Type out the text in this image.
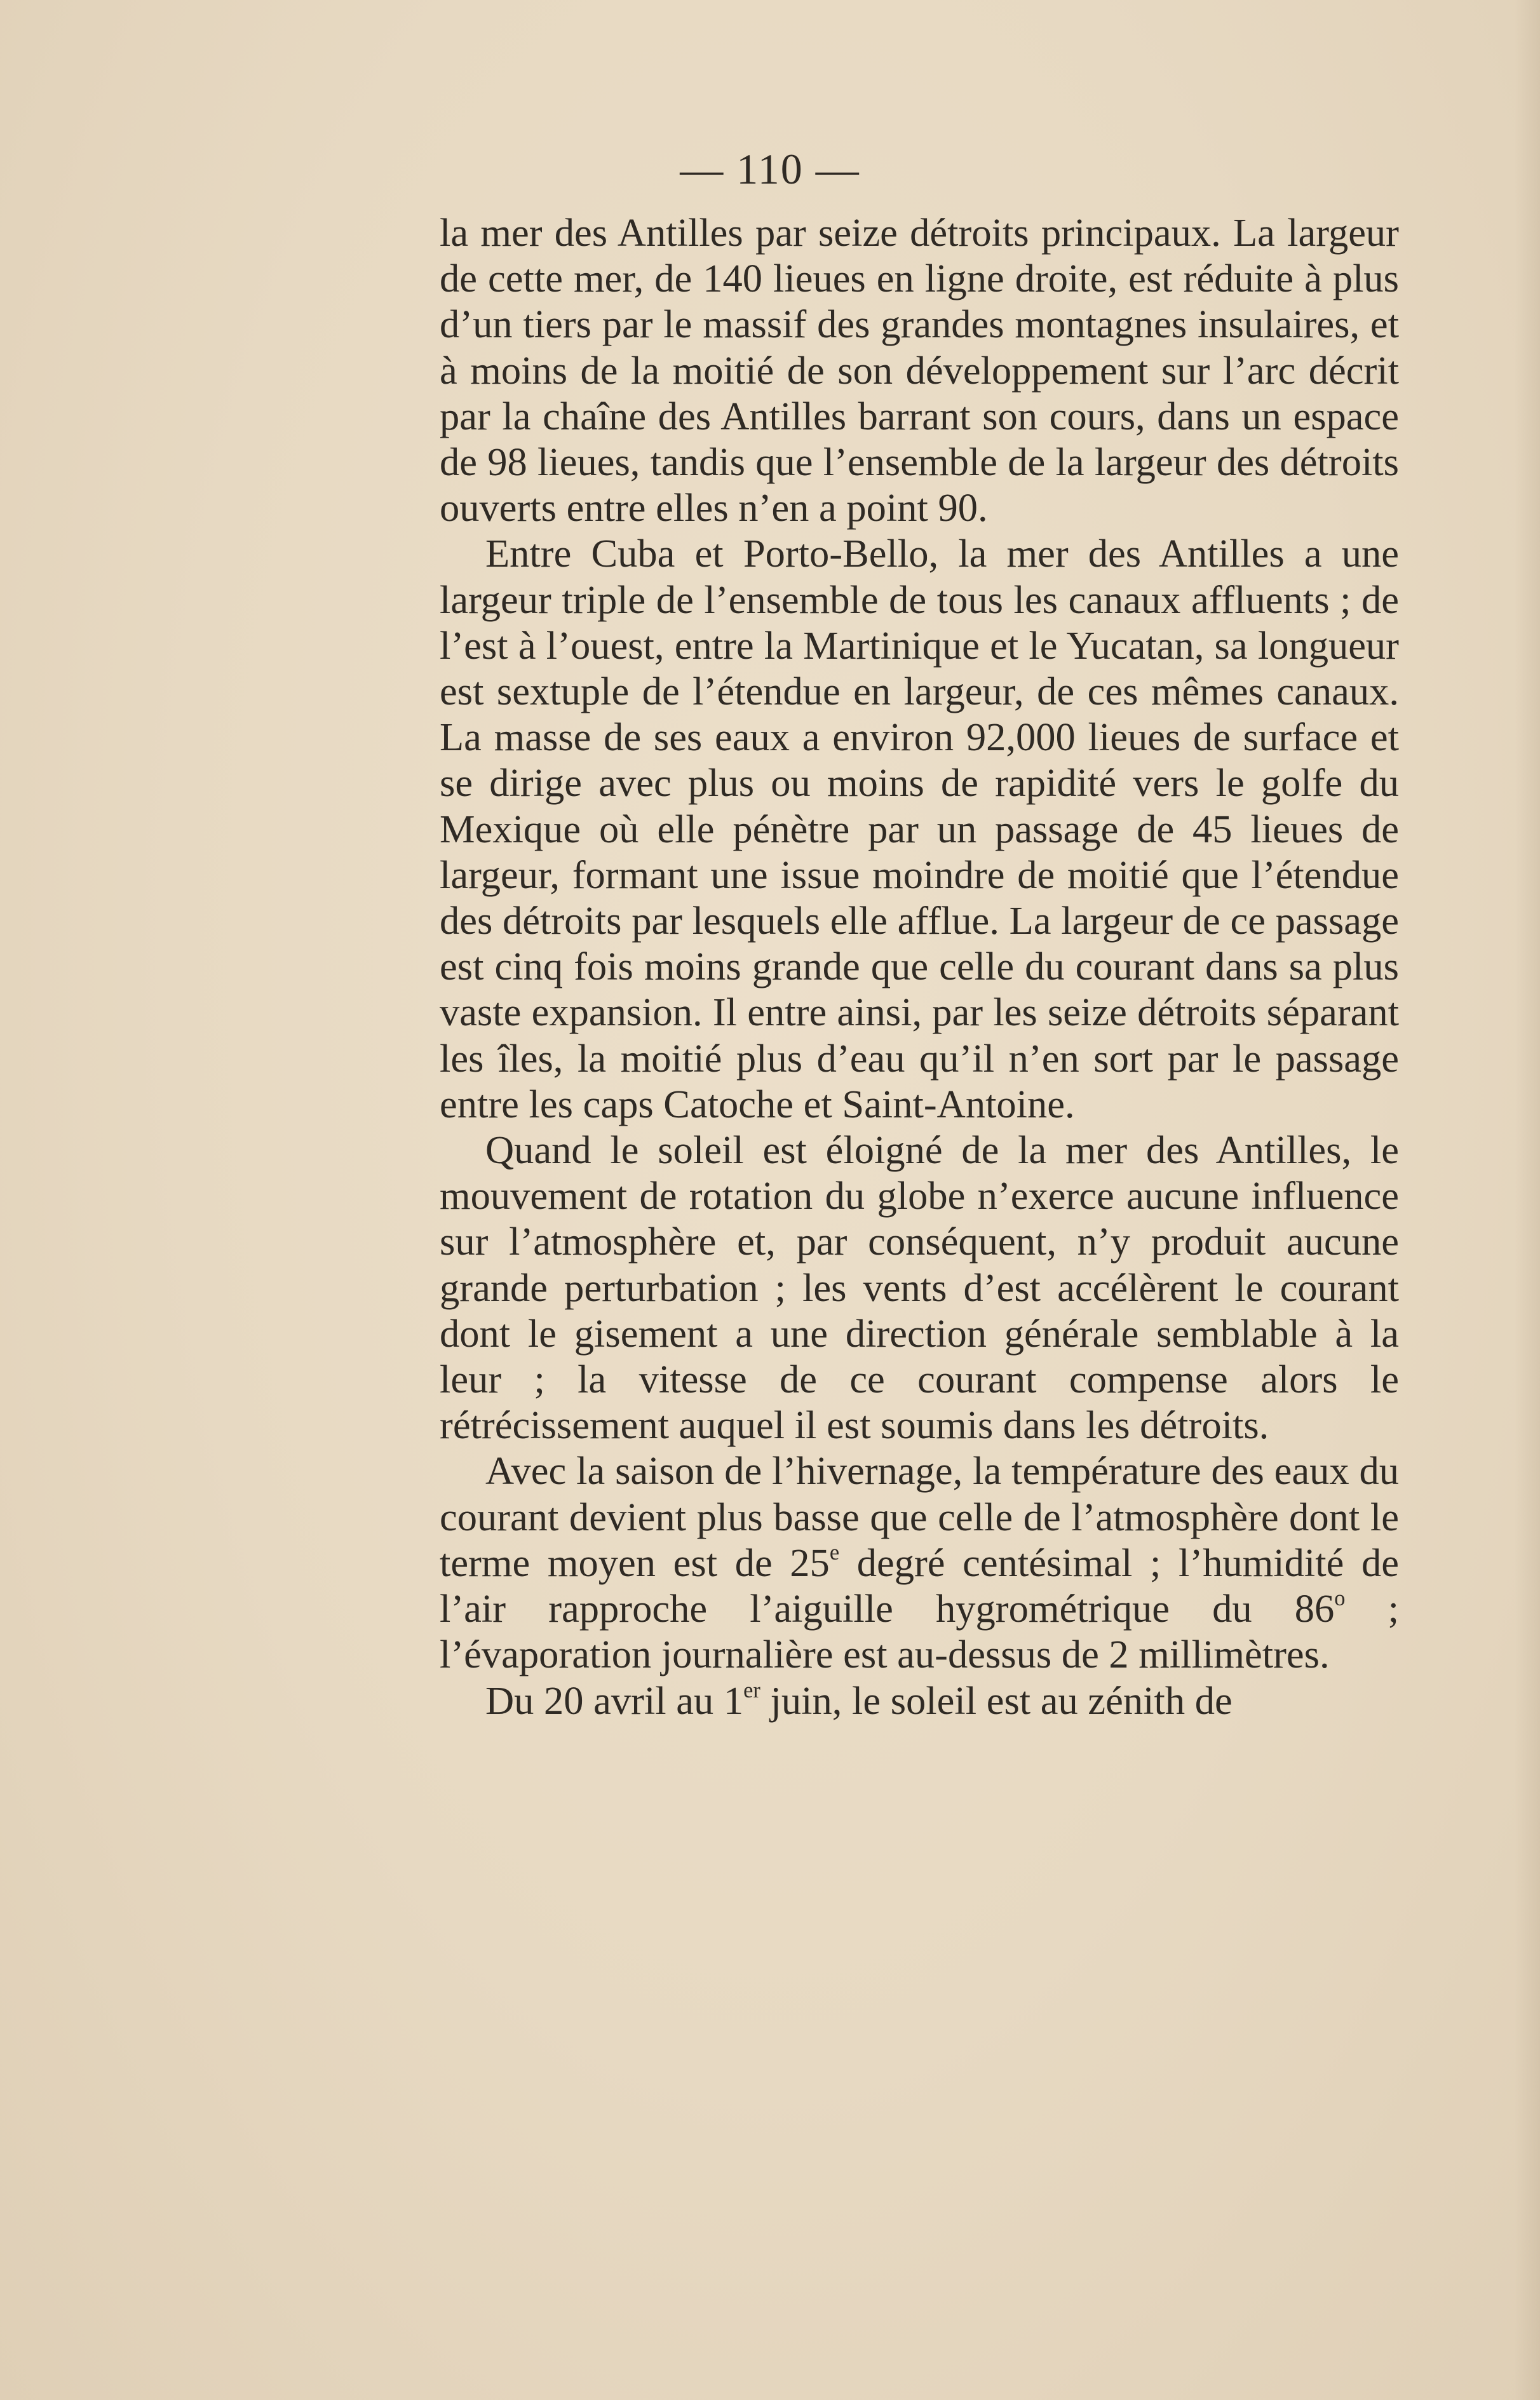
— 110 —

la mer des Antilles par seize détroits principaux. La largeur de cette mer, de 140 lieues en ligne droite, est réduite à plus d’un tiers par le massif des grandes montagnes insulaires, et à moins de la moitié de son développement sur l’arc décrit par la chaîne des Antilles barrant son cours, dans un espace de 98 lieues, tandis que l’ensemble de la largeur des détroits ouverts entre elles n’en a point 90.

Entre Cuba et Porto-Bello, la mer des Antilles a une largeur triple de l’ensemble de tous les canaux affluents ; de l’est à l’ouest, entre la Martinique et le Yucatan, sa longueur est sextuple de l’étendue en largeur, de ces mêmes canaux. La masse de ses eaux a environ 92,000 lieues de surface et se dirige avec plus ou moins de rapidité vers le golfe du Mexique où elle pénètre par un passage de 45 lieues de largeur, formant une issue moindre de moitié que l’étendue des détroits par lesquels elle afflue. La largeur de ce passage est cinq fois moins grande que celle du courant dans sa plus vaste expansion. Il entre ainsi, par les seize détroits séparant les îles, la moitié plus d’eau qu’il n’en sort par le passage entre les caps Catoche et Saint-Antoine.

Quand le soleil est éloigné de la mer des Antilles, le mouvement de rotation du globe n’exerce aucune influence sur l’atmosphère et, par conséquent, n’y produit aucune grande perturbation ; les vents d’est accélèrent le courant dont le gisement a une direction générale semblable à la leur ; la vitesse de ce courant compense alors le rétrécissement auquel il est soumis dans les détroits.

Avec la saison de l’hivernage, la température des eaux du courant devient plus basse que celle de l’atmosphère dont le terme moyen est de 25e degré centésimal ; l’humidité de l’air rapproche l’aiguille hygrométrique du 86$^o$ ; l’évaporation journalière est au-dessus de 2 millimètres.

Du 20 avril au 1er juin, le soleil est au zénith de
